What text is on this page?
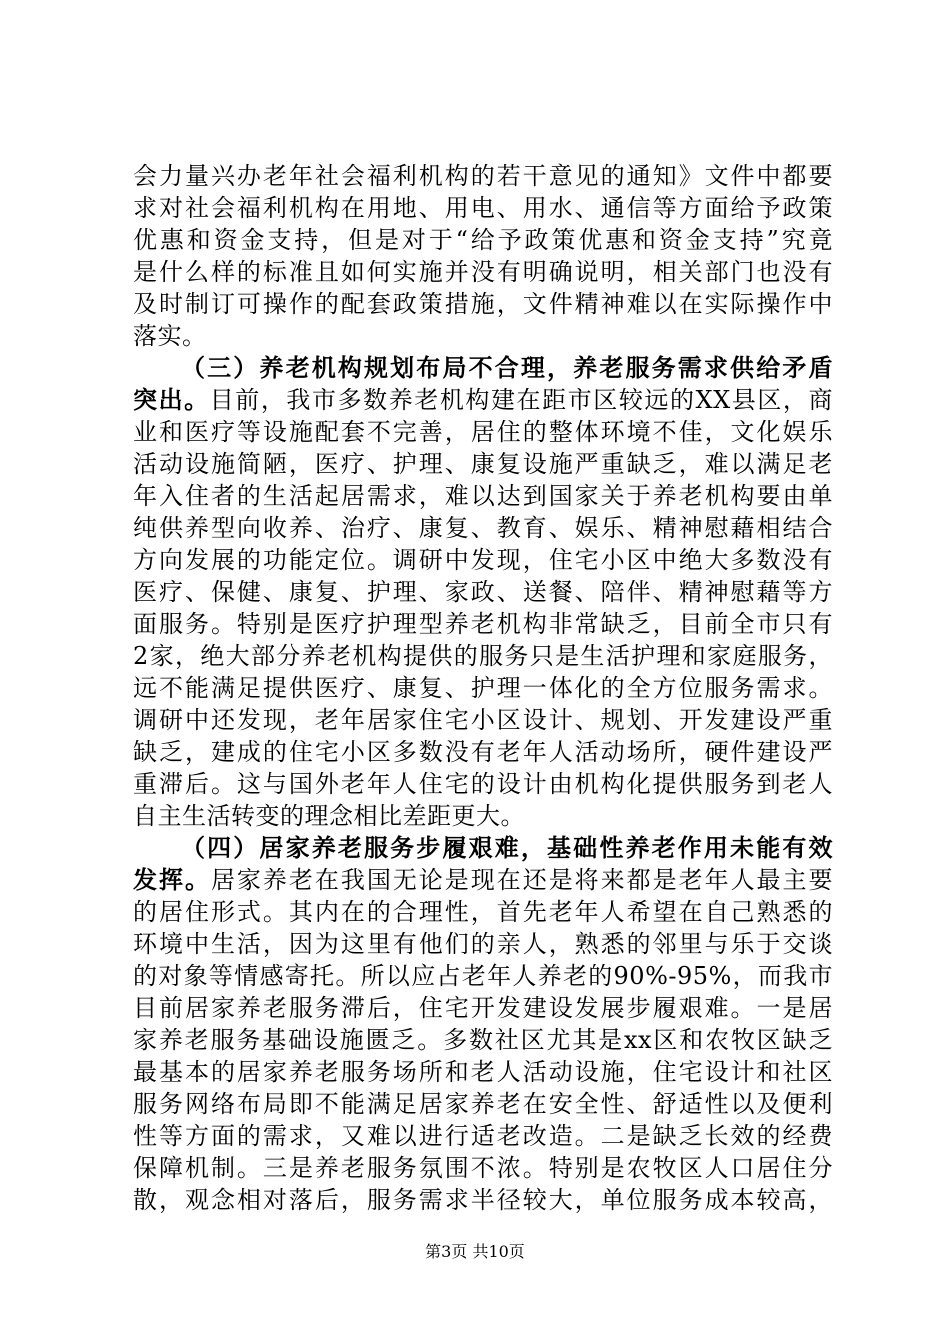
会力量兴办老年社会福利机构的若干意见的通知》文件中都要
求对社会福利机构在用地、用电、用水、通信等方面给予政策
优惠和资金支持，但是对于“给予政策优惠和资金支持”究竟
是什么样的标准且如何实施并没有明确说明，相关部门也没有
及时制订可操作的配套政策措施，文件精神难以在实际操作中
落实。
（三）养老机构规划布局不合理，养老服务需求供给矛盾
突出。目前，我市多数养老机构建在距市区较远的XX县区，商
业和医疗等设施配套不完善，居住的整体环境不佳，文化娱乐
活动设施简陋，医疗、护理、康复设施严重缺乏，难以满足老
年入住者的生活起居需求，难以达到国家关于养老机构要由单
纯供养型向收养、治疗、康复、教育、娱乐、精神慰藉相结合
方向发展的功能定位。调研中发现，住宅小区中绝大多数没有
医疗、保健、康复、护理、家政、送餐、陪伴、精神慰藉等方
面服务。特别是医疗护理型养老机构非常缺乏，目前全市只有
2家，绝大部分养老机构提供的服务只是生活护理和家庭服务，
远不能满足提供医疗、康复、护理一体化的全方位服务需求。
调研中还发现，老年居家住宅小区设计、规划、开发建设严重
缺乏，建成的住宅小区多数没有老年人活动场所，硬件建设严
重滞后。这与国外老年人住宅的设计由机构化提供服务到老人
自主生活转变的理念相比差距更大。
（四）居家养老服务步履艰难，基础性养老作用未能有效
发挥。居家养老在我国无论是现在还是将来都是老年人最主要
的居住形式。其内在的合理性，首先老年人希望在自己熟悉的
环境中生活，因为这里有他们的亲人，熟悉的邻里与乐于交谈
的对象等情感寄托。所以应占老年人养老的90%-95%，而我市
目前居家养老服务滞后，住宅开发建设发展步履艰难。一是居
家养老服务基础设施匮乏。多数社区尤其是xx区和农牧区缺乏
最基本的居家养老服务场所和老人活动设施，住宅设计和社区
服务网络布局即不能满足居家养老在安全性、舒适性以及便利
性等方面的需求，又难以进行适老改造。二是缺乏长效的经费
保障机制。三是养老服务氛围不浓。特别是农牧区人口居住分
散，观念相对落后，服务需求半径较大，单位服务成本较高，
第3页 共10页
